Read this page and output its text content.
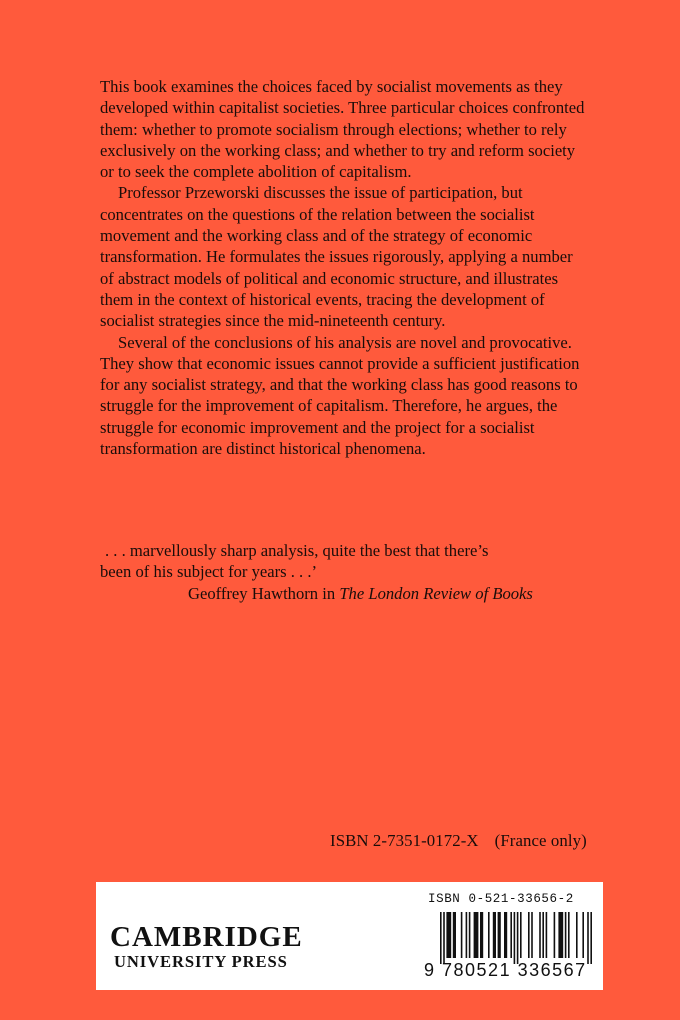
This book examines the choices faced by socialist movements as they developed within capitalist societies. Three particular choices confronted them: whether to promote socialism through elections; whether to rely exclusively on the working class; and whether to try and reform society or to seek the complete abolition of capitalism.

Professor Przeworski discusses the issue of participation, but concentrates on the questions of the relation between the socialist movement and the working class and of the strategy of economic transformation. He formulates the issues rigorously, applying a number of abstract models of political and economic structure, and illustrates them in the context of historical events, tracing the development of socialist strategies since the mid-nineteenth century.

Several of the conclusions of his analysis are novel and provocative. They show that economic issues cannot provide a sufficient justification for any socialist strategy, and that the working class has good reasons to struggle for the improvement of capitalism. Therefore, he argues, the struggle for economic improvement and the project for a socialist transformation are distinct historical phenomena.

. . . marvellously sharp analysis, quite the best that there’s

been of his subject for years . . .’

Geoffrey Hawthorn in The London Review of Books

ISBN 2-7351-0172-X (France only)
CAMBRIDGE
UNIVERSITY PRESS
ISBN 0-521-33656-2
9 780521 336567
